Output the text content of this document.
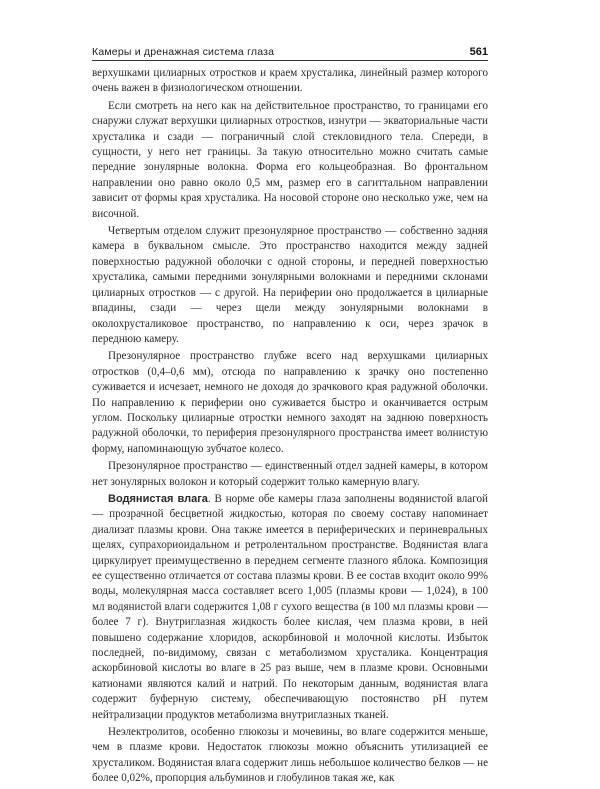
Камеры и дренажная система глаза	561

верхушками цилиарных отростков и краем хрусталика, линейный размер которого очень важен в физиологическом отношении.

Если смотреть на него как на действительное пространство, то границами его снаружи служат верхушки цилиарных отростков, изнутри — экваториальные части хрусталика и сзади — пограничный слой стекловидного тела. Спереди, в сущности, у него нет границы. За такую относительно можно считать самые передние зонулярные волокна. Форма его кольцеобразная. Во фронтальном направлении оно равно около 0,5 мм, размер его в сагиттальном направлении зависит от формы края хрусталика. На носовой стороне оно несколько уже, чем на височной.

Четвертым отделом служит презонулярное пространство — собственно задняя камера в буквальном смысле. Это пространство находится между задней поверхностью радужной оболочки с одной стороны, и передней поверхностью хрусталика, самыми передними зонулярными волокнами и передними склонами цилиарных отростков — с другой. На периферии оно продолжается в цилиарные впадины, сзади — через щели между зонулярными волокнами в околохрусталиковое пространство, по направлению к оси, через зрачок в переднюю камеру.

Презонулярное пространство глубже всего над верхушками цилиарных отростков (0,4–0,6 мм), отсюда по направлению к зрачку оно постепенно суживается и исчезает, немного не доходя до зрачкового края радужной оболочки. По направлению к периферии оно суживается быстро и оканчивается острым углом. Поскольку цилиарные отростки немного заходят на заднюю поверхность радужной оболочки, то периферия презонулярного пространства имеет волнистую форму, напоминающую зубчатое колесо.

Презонулярное пространство — единственный отдел задней камеры, в котором нет зонулярных волокон и который содержит только камерную влагу.

Водянистая влага. В норме обе камеры глаза заполнены водянистой влагой — прозрачной бесцветной жидкостью, которая по своему составу напоминает диализат плазмы крови. Она также имеется в периферических и периневральных щелях, супрахориоидальном и ретролентальном пространстве. Водянистая влага циркулирует преимущественно в переднем сегменте глазного яблока. Композиция ее существенно отличается от состава плазмы крови. В ее состав входит около 99% воды, молекулярная масса составляет всего 1,005 (плазмы крови — 1,024), в 100 мл водянистой влаги содержится 1,08 г сухого вещества (в 100 мл плазмы крови — более 7 г). Внутриглазная жидкость более кислая, чем плазма крови, в ней повышено содержание хлоридов, аскорбиновой и молочной кислоты. Избыток последней, по-видимому, связан с метаболизмом хрусталика. Концентрация аскорбиновой кислоты во влаге в 25 раз выше, чем в плазме крови. Основными катионами являются калий и натрий. По некоторым данным, водянистая влага содержит буферную систему, обеспечивающую постоянство pH путем нейтрализации продуктов метаболизма внутриглазных тканей.

Неэлектролитов, особенно глюкозы и мочевины, во влаге содержится меньше, чем в плазме крови. Недостаток глюкозы можно объяснить утилизацией ее хрусталиком. Водянистая влага содержит лишь небольшое количество белков — не более 0,02%, пропорция альбуминов и глобулинов такая же, как
